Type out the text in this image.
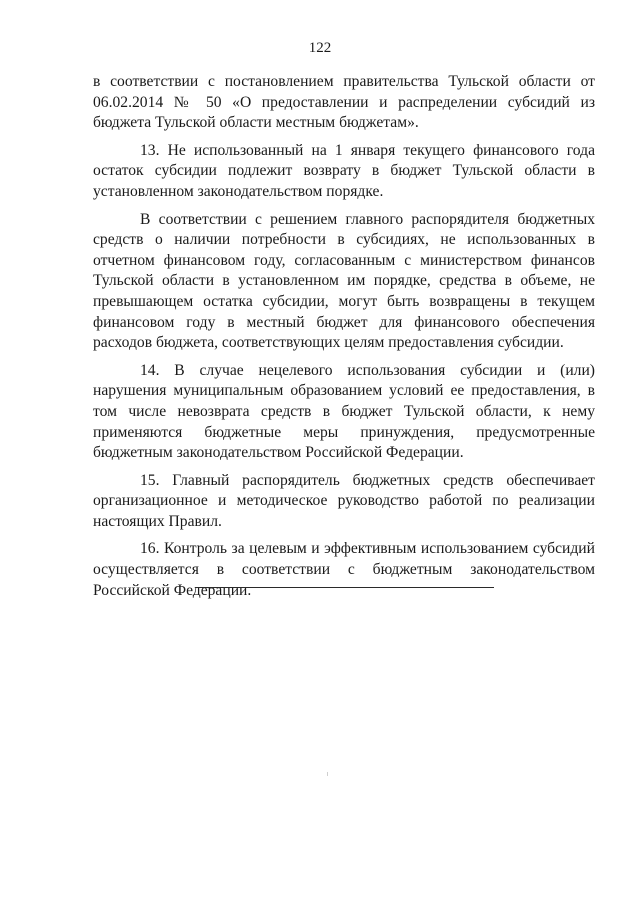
122

в соответствии с постановлением правительства Тульской области от 06.02.2014 № 50 «О предоставлении и распределении субсидий из бюджета Тульской области местным бюджетам».

13. Не использованный на 1 января текущего финансового года остаток субсидии подлежит возврату в бюджет Тульской области в установленном законодательством порядке.

В соответствии с решением главного распорядителя бюджетных средств о наличии потребности в субсидиях, не использованных в отчетном финансовом году, согласованным с министерством финансов Тульской области в установленном им порядке, средства в объеме, не превышающем остатка субсидии, могут быть возвращены в текущем финансовом году в местный бюджет для финансового обеспечения расходов бюджета, соответствующих целям предоставления субсидии.

14. В случае нецелевого использования субсидии и (или) нарушения муниципальным образованием условий ее предоставления, в том числе невозврата средств в бюджет Тульской области, к нему применяются бюджетные меры принуждения, предусмотренные бюджетным законодательством Российской Федерации.

15. Главный распорядитель бюджетных средств обеспечивает организационное и методическое руководство работой по реализации настоящих Правил.

16. Контроль за целевым и эффективным использованием субсидий осуществляется в соответствии с бюджетным законодательством Российской Федерации.
